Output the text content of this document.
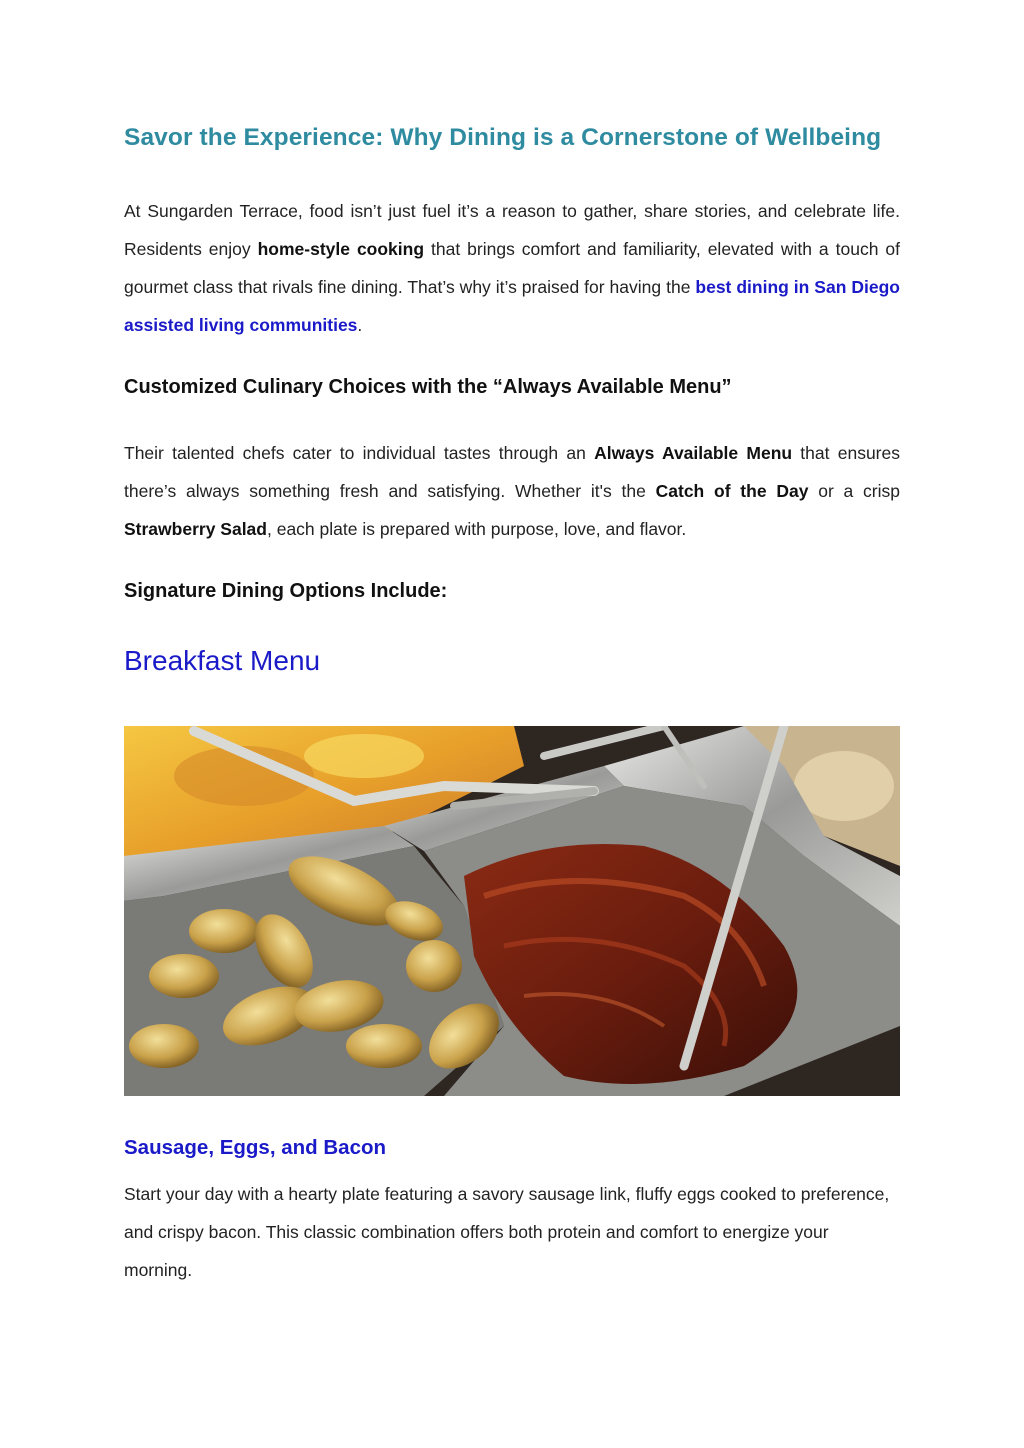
Savor the Experience: Why Dining is a Cornerstone of Wellbeing

At Sungarden Terrace, food isn’t just fuel it’s a reason to gather, share stories, and celebrate life. Residents enjoy home-style cooking that brings comfort and familiarity, elevated with a touch of gourmet class that rivals fine dining. That’s why it’s praised for having the best dining in San Diego assisted living communities.

Customized Culinary Choices with the “Always Available Menu”

Their talented chefs cater to individual tastes through an Always Available Menu that ensures there’s always something fresh and satisfying. Whether it's the Catch of the Day or a crisp Strawberry Salad, each plate is prepared with purpose, love, and flavor.

Signature Dining Options Include:
Breakfast Menu
Sausage, Eggs, and Bacon

Start your day with a hearty plate featuring a savory sausage link, fluffy eggs cooked to preference, and crispy bacon. This classic combination offers both protein and comfort to energize your morning.
